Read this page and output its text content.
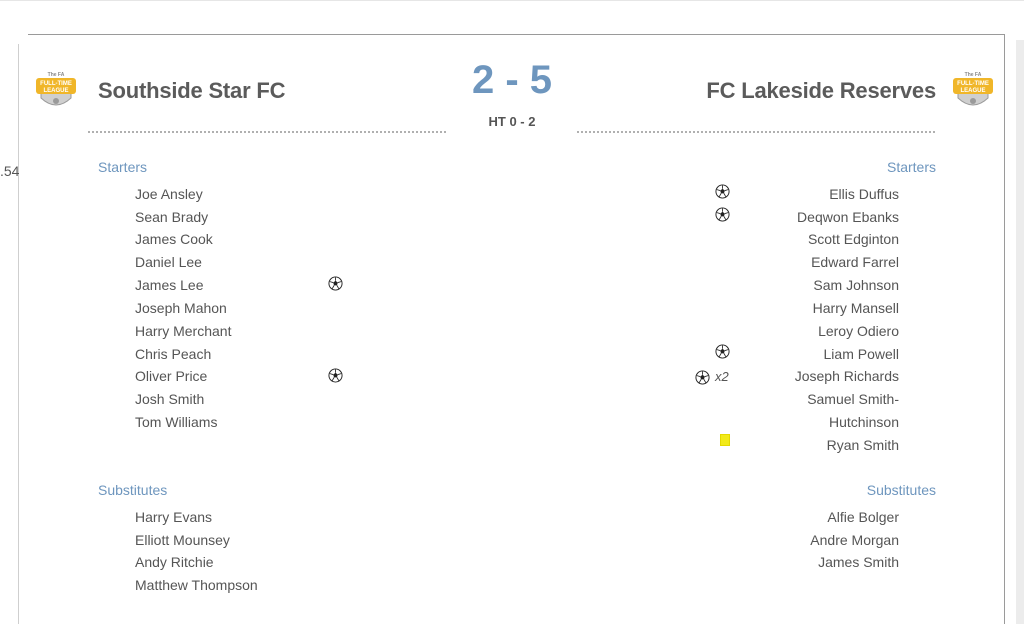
.54
The FA
FULL-TIME
LEAGUE
The FA
FULL-TIME
LEAGUE
Southside Star FC	FC Lakeside Reserves
2 - 5
HT 0 - 2
Starters
Joe Ansley
Sean Brady
James Cook
Daniel Lee
James Lee
Joseph Mahon
Harry Merchant
Chris Peach
Oliver Price
Josh Smith
Tom Williams
Substitutes
Harry Evans
Elliott Mounsey
Andy Ritchie
Matthew Thompson
Starters
Ellis Duffus
Deqwon Ebanks
Scott Edginton
Edward Farrel
Sam Johnson
Harry Mansell
Leroy Odiero
Liam Powell
Joseph Richards
Samuel Smith-
Hutchinson
Ryan Smith
Substitutes
Alfie Bolger
Andre Morgan
James Smith
x2
